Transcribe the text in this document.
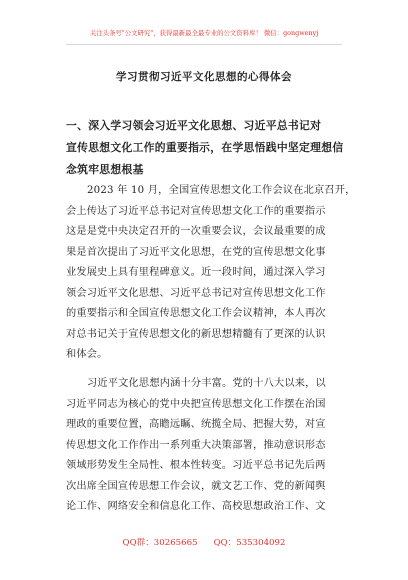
关注头条号"公文研究"，获得最新最全最专业的公文资料库！ 微信：gongwenyj
学习贯彻习近平文化思想的心得体会
一、深入学习领会习近平文化思想、习近平总书记对
宣传思想文化工作的重要指示，在学思悟践中坚定理想信
念筑牢思想根基
2023 年 10 月，全国宣传思想文化工作会议在北京召开，
会上传达了习近平总书记对宣传思想文化工作的重要指示
这是是党中央决定召开的一次重要会议，会议最重要的成
果是首次提出了习近平文化思想，在党的宣传思想文化事
业发展史上具有里程碑意义。近一段时间，通过深入学习
领会习近平文化思想、习近平总书记对宣传思想文化工作
的重要指示和全国宣传思想文化工作会议精神，本人再次
对总书记关于宣传思想文化的新思想精髓有了更深的认识
和体会。
习近平文化思想内涵十分丰富。党的十八大以来，以
习近平同志为核心的党中央把宣传思想文化工作摆在治国
理政的重要位置，高瞻远瞩、统揽全局、把握大势，对宣
传思想文化工作作出一系列重大决策部署，推动意识形态
领域形势发生全局性、根本性转变。习近平总书记先后两
次出席全国宣传思想工作会议，就文艺工作、党的新闻舆
论工作、网络安全和信息化工作、高校思想政治工作、文
QQ群：30265665 QQ：535304092
